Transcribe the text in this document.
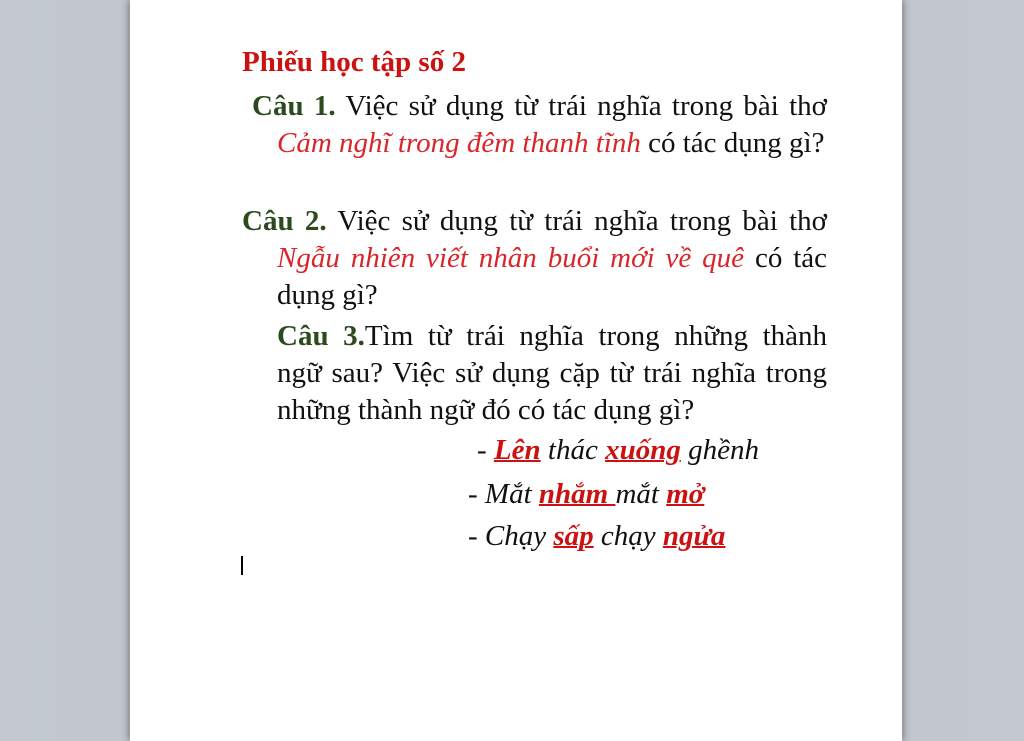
Phiếu học tập số 2
Câu 1. Việc sử dụng từ trái nghĩa trong bài thơ Cảm nghĩ trong đêm thanh tĩnh có tác dụng gì?
Câu 2. Việc sử dụng từ trái nghĩa trong bài thơ Ngẫu nhiên viết nhân buổi mới về quê có tác dụng gì?
Câu 3.Tìm từ trái nghĩa trong những thành ngữ sau? Việc sử dụng cặp từ trái nghĩa trong những thành ngữ đó có tác dụng gì?
- Lên thác xuống ghềnh
- Mắt nhắm mắt mở
- Chạy sấp chạy ngửa
